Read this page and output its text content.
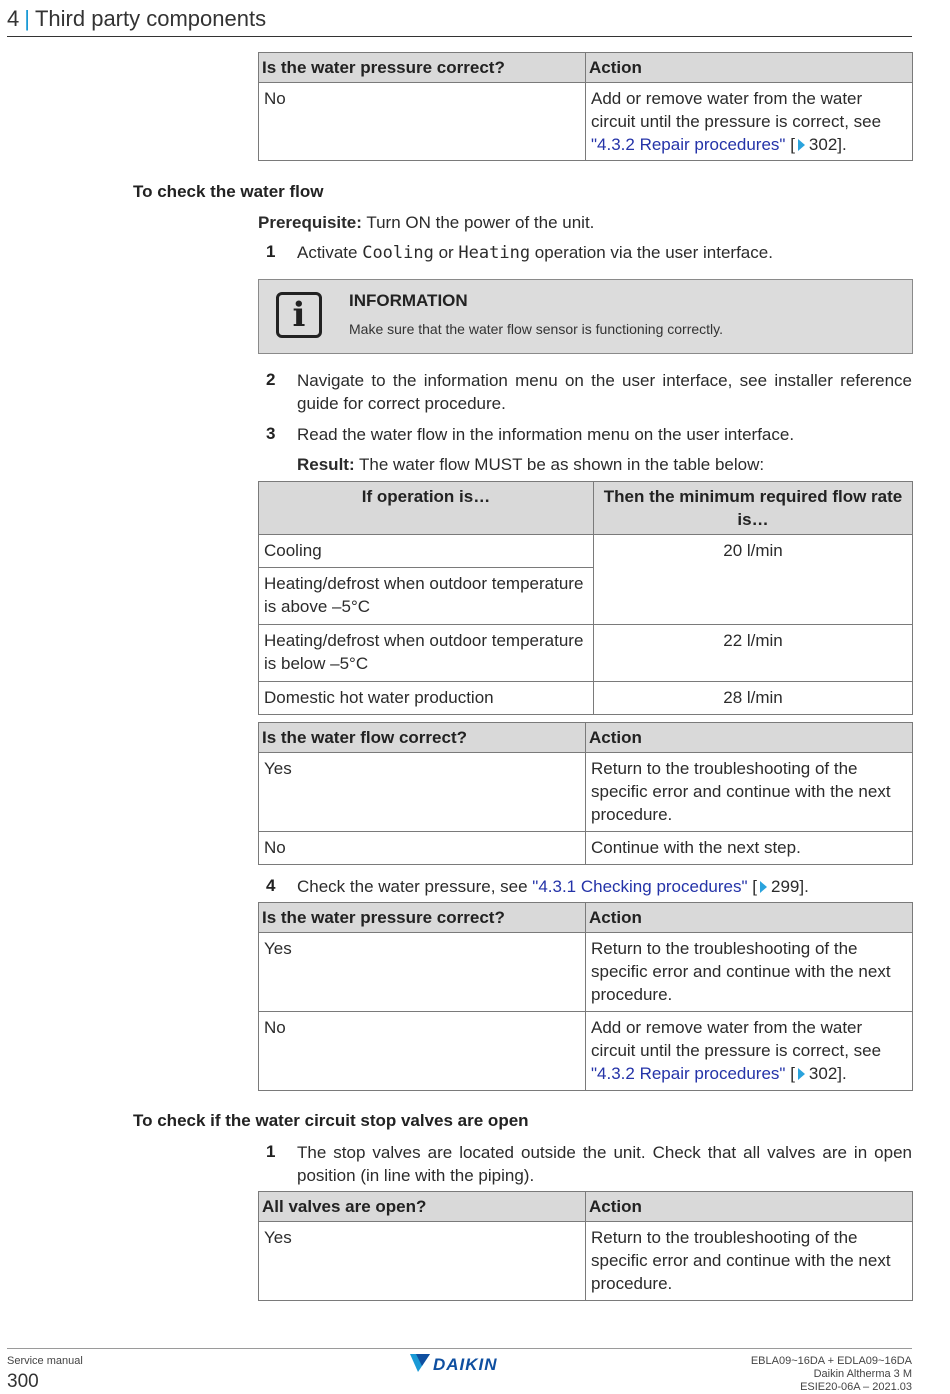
4 | Third party components
Is the water pressure correct?	Action
No	Add or remove water from the water circuit until the pressure is correct, see "4.3.2 Repair procedures" [ 302].
To check the water flow
Prerequisite: Turn ON the power of the unit.
1 Activate Cooling or Heating operation via the user interface.
i	INFORMATION
Make sure that the water flow sensor is functioning correctly.
2 Navigate to the information menu on the user interface, see installer reference guide for correct procedure.
3 Read the water flow in the information menu on the user interface.
Result: The water flow MUST be as shown in the table below:
If operation is…	Then the minimum required flow rate is…
Cooling	20 l/min
Heating/defrost when outdoor temperature is above –5°C	
Heating/defrost when outdoor temperature is below –5°C	22 l/min
Domestic hot water production	28 l/min
Is the water flow correct?	Action
Yes	Return to the troubleshooting of the specific error and continue with the next procedure.
No	Continue with the next step.
4 Check the water pressure, see "4.3.1 Checking procedures" [ 299].
Is the water pressure correct?	Action
Yes	Return to the troubleshooting of the specific error and continue with the next procedure.
No	Add or remove water from the water circuit until the pressure is correct, see "4.3.2 Repair procedures" [ 302].
To check if the water circuit stop valves are open
1 The stop valves are located outside the unit. Check that all valves are in open position (in line with the piping).
All valves are open?	Action
Yes	Return to the troubleshooting of the specific error and continue with the next procedure.
Service manual
300
DAIKIN	EBLA09~16DA + EDLA09~16DA
Daikin Altherma 3 M
ESIE20-06A – 2021.03
